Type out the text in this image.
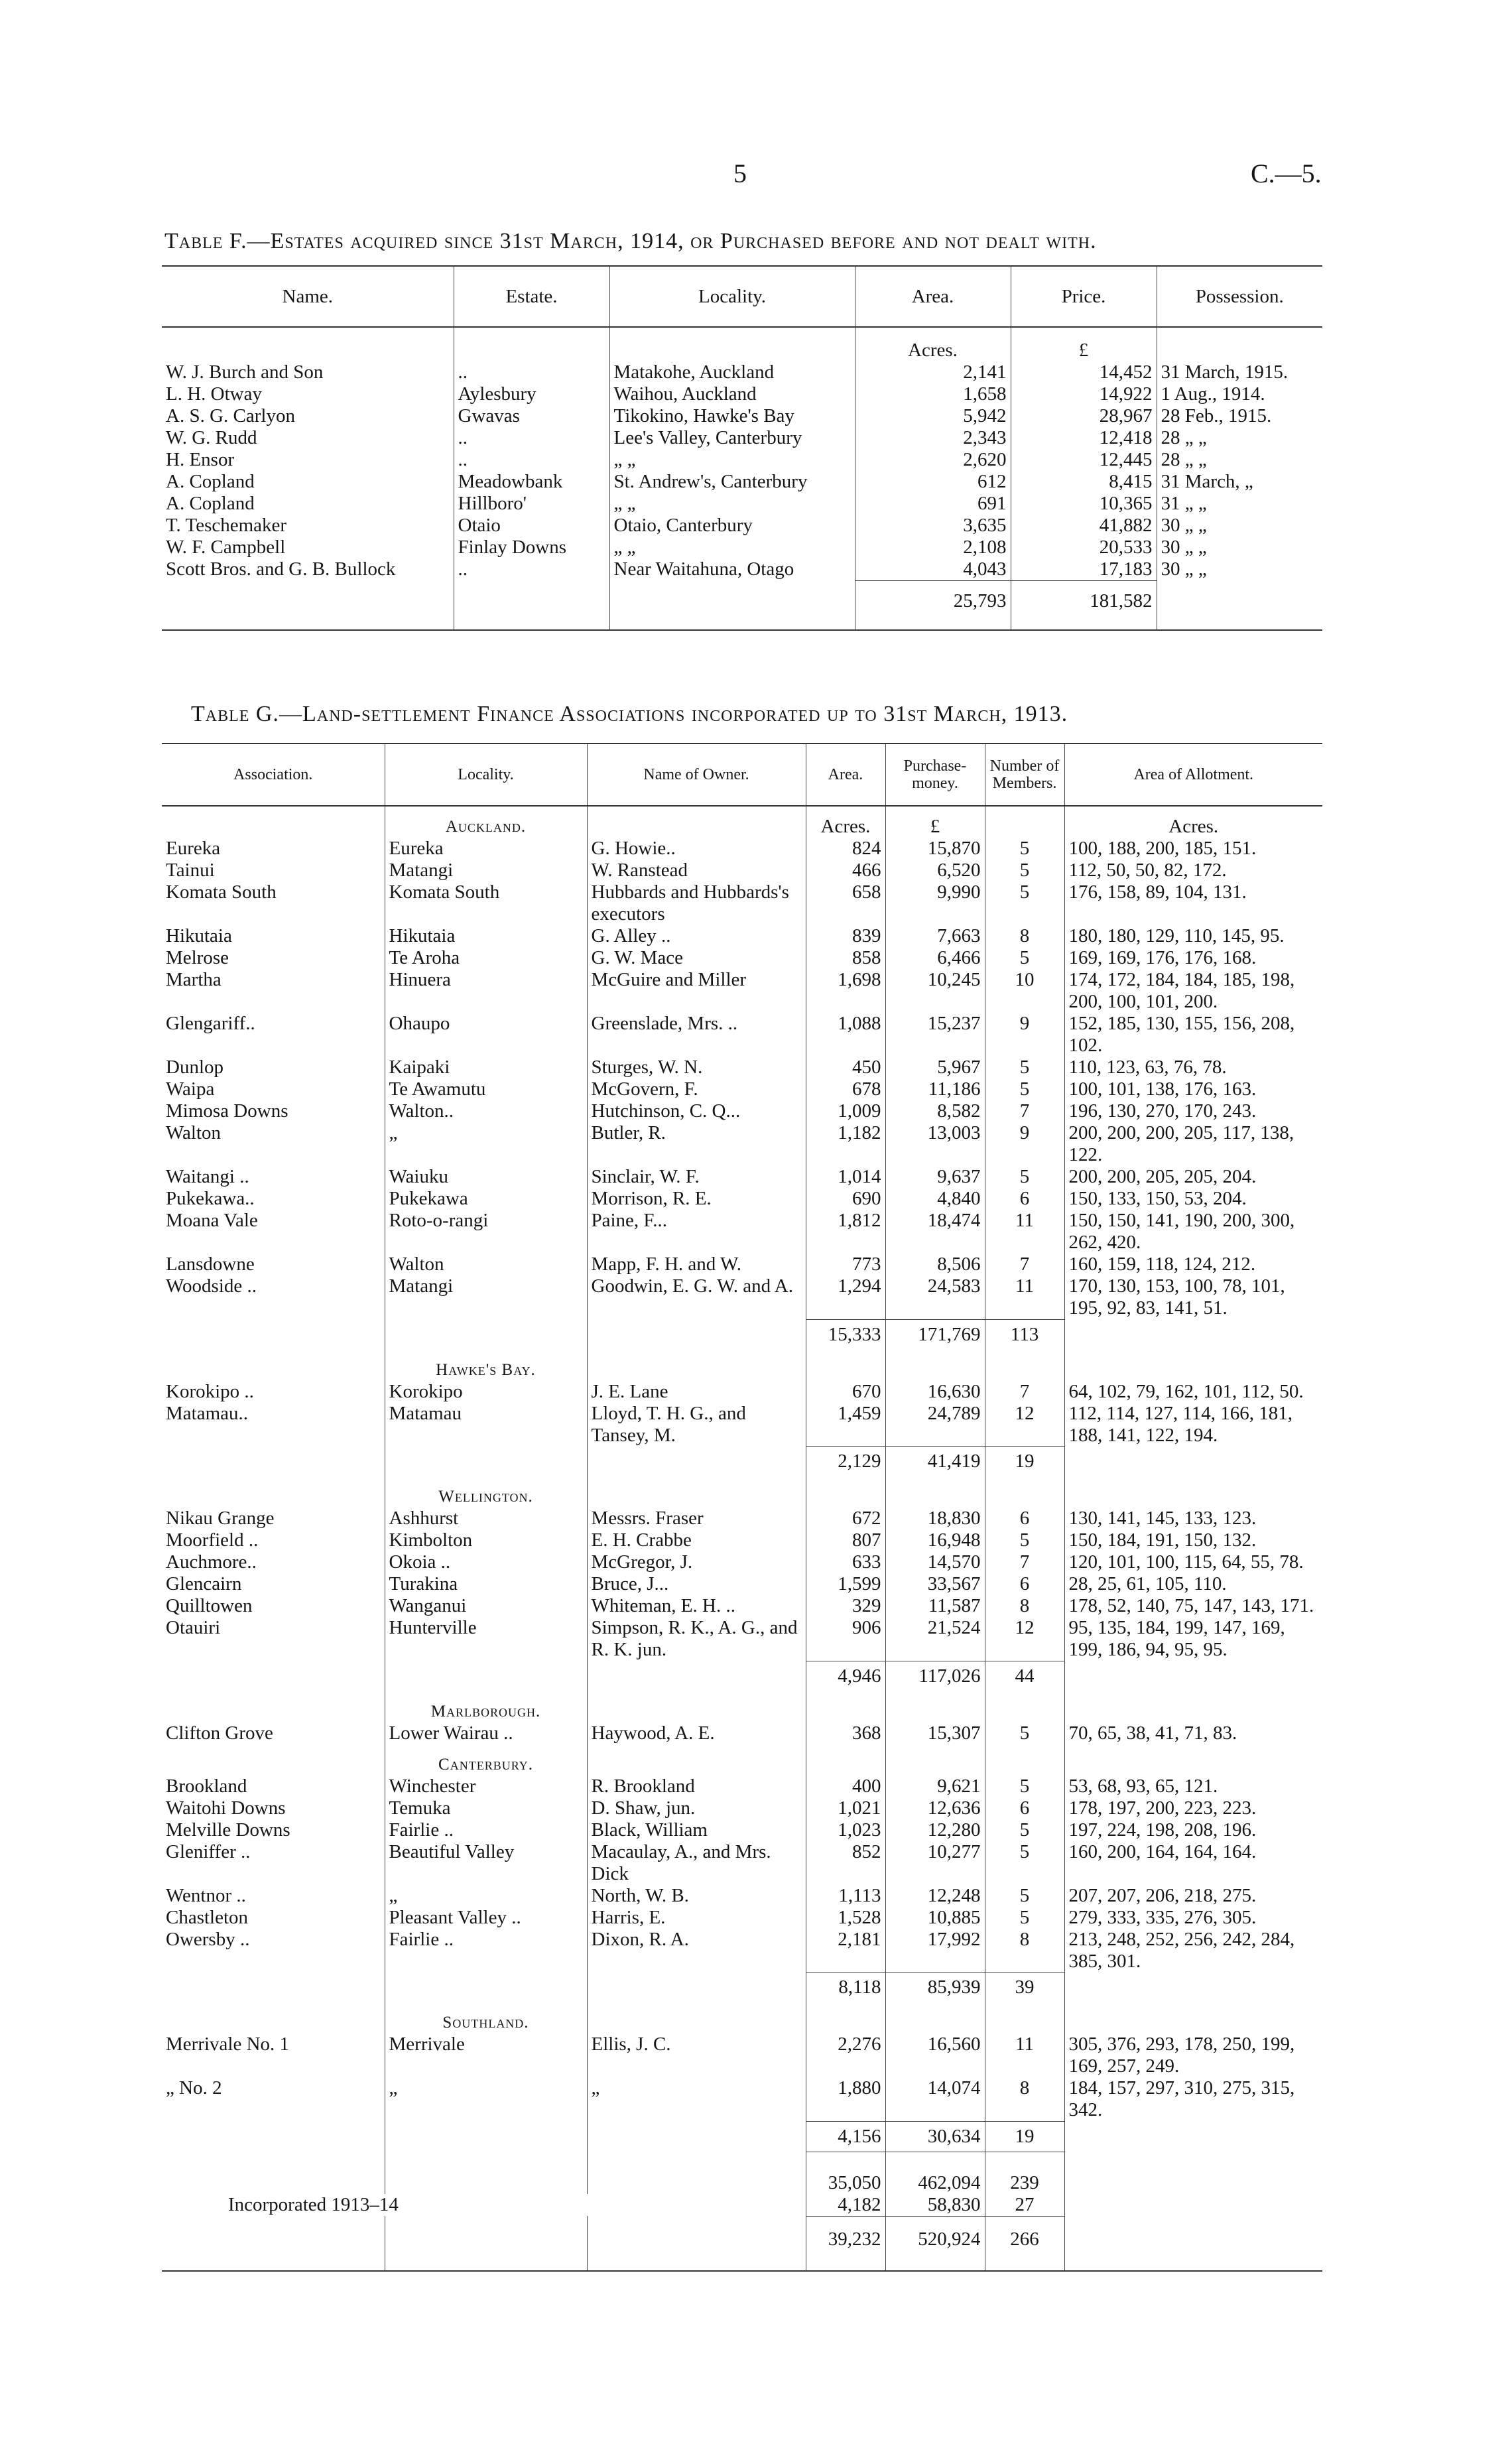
5	C.—5.
Table F.—Estates acquired since 31st March, 1914, or Purchased before and not dealt with.
Name.	Estate.	Locality.	Area.	Price.	Possession.
			Acres.	£	
W. J. Burch and Son	..	Matakohe, Auckland	2,141	14,452	31 March, 1915.
L. H. Otway	Aylesbury	Waihou, Auckland	1,658	14,922	1 Aug., 1914.
A. S. G. Carlyon	Gwavas	Tikokino, Hawke's Bay	5,942	28,967	28 Feb., 1915.
W. G. Rudd	..	Lee's Valley, Canterbury	2,343	12,418	28 „ „
H. Ensor	..	„ „	2,620	12,445	28 „ „
A. Copland	Meadowbank	St. Andrew's, Canterbury	612	8,415	31 March, „
A. Copland	Hillboro'	„ „	691	10,365	31 „ „
T. Teschemaker	Otaio	Otaio, Canterbury	3,635	41,882	30 „ „
W. F. Campbell	Finlay Downs	„ „	2,108	20,533	30 „ „
Scott Bros. and G. B. Bullock	..	Near Waitahuna, Otago	4,043	17,183	30 „ „
			25,793	181,582	

Table G.—Land-settlement Finance Associations incorporated up to 31st March, 1913.
Association.	Locality.	Name of Owner.	Area.	Purchase-money.	Number of Members.	Area of Allotment.
	Auckland.		Acres.	£		Acres.
Eureka	Eureka	G. Howie..	824	15,870	5	100, 188, 200, 185, 151.
Tainui	Matangi	W. Ranstead	466	6,520	5	112, 50, 50, 82, 172.
Komata South	Komata South	Hubbards and Hubbards's executors	658	9,990	5	176, 158, 89, 104, 131.
Hikutaia	Hikutaia	G. Alley ..	839	7,663	8	180, 180, 129, 110, 145, 95.
Melrose	Te Aroha	G. W. Mace	858	6,466	5	169, 169, 176, 176, 168.
Martha	Hinuera	McGuire and Miller	1,698	10,245	10	174, 172, 184, 184, 185, 198, 200, 100, 101, 200.
Glengariff..	Ohaupo	Greenslade, Mrs. ..	1,088	15,237	9	152, 185, 130, 155, 156, 208, 102.
Dunlop	Kaipaki	Sturges, W. N.	450	5,967	5	110, 123, 63, 76, 78.
Waipa	Te Awamutu	McGovern, F.	678	11,186	5	100, 101, 138, 176, 163.
Mimosa Downs	Walton..	Hutchinson, C. Q...	1,009	8,582	7	196, 130, 270, 170, 243.
Walton	„	Butler, R.	1,182	13,003	9	200, 200, 200, 205, 117, 138, 122.
Waitangi ..	Waiuku	Sinclair, W. F.	1,014	9,637	5	200, 200, 205, 205, 204.
Pukekawa..	Pukekawa	Morrison, R. E.	690	4,840	6	150, 133, 150, 53, 204.
Moana Vale	Roto-o-rangi	Paine, F...	1,812	18,474	11	150, 150, 141, 190, 200, 300, 262, 420.
Lansdowne	Walton	Mapp, F. H. and W.	773	8,506	7	160, 159, 118, 124, 212.
Woodside ..	Matangi	Goodwin, E. G. W. and A.	1,294	24,583	11	170, 130, 153, 100, 78, 101, 195, 92, 83, 141, 51.
			15,333	171,769	113	
	Hawke's Bay.					
Korokipo ..	Korokipo	J. E. Lane	670	16,630	7	64, 102, 79, 162, 101, 112, 50.
Matamau..	Matamau	Lloyd, T. H. G., and Tansey, M.	1,459	24,789	12	112, 114, 127, 114, 166, 181, 188, 141, 122, 194.
			2,129	41,419	19	
	Wellington.					
Nikau Grange	Ashhurst	Messrs. Fraser	672	18,830	6	130, 141, 145, 133, 123.
Moorfield ..	Kimbolton	E. H. Crabbe	807	16,948	5	150, 184, 191, 150, 132.
Auchmore..	Okoia ..	McGregor, J.	633	14,570	7	120, 101, 100, 115, 64, 55, 78.
Glencairn	Turakina	Bruce, J...	1,599	33,567	6	28, 25, 61, 105, 110.
Quilltowen	Wanganui	Whiteman, E. H. ..	329	11,587	8	178, 52, 140, 75, 147, 143, 171.
Otauiri	Hunterville	Simpson, R. K., A. G., and R. K. jun.	906	21,524	12	95, 135, 184, 199, 147, 169, 199, 186, 94, 95, 95.
			4,946	117,026	44	
	Marlborough.					
Clifton Grove	Lower Wairau ..	Haywood, A. E.	368	15,307	5	70, 65, 38, 41, 71, 83.
	Canterbury.					
Brookland	Winchester	R. Brookland	400	9,621	5	53, 68, 93, 65, 121.
Waitohi Downs	Temuka	D. Shaw, jun.	1,021	12,636	6	178, 197, 200, 223, 223.
Melville Downs	Fairlie ..	Black, William	1,023	12,280	5	197, 224, 198, 208, 196.
Gleniffer ..	Beautiful Valley	Macaulay, A., and Mrs. Dick	852	10,277	5	160, 200, 164, 164, 164.
Wentnor ..	„	North, W. B.	1,113	12,248	5	207, 207, 206, 218, 275.
Chastleton	Pleasant Valley ..	Harris, E.	1,528	10,885	5	279, 333, 335, 276, 305.
Owersby ..	Fairlie ..	Dixon, R. A.	2,181	17,992	8	213, 248, 252, 256, 242, 284, 385, 301.
			8,118	85,939	39	
	Southland.					
Merrivale No. 1	Merrivale	Ellis, J. C.	2,276	16,560	11	305, 376, 293, 178, 250, 199, 169, 257, 249.
„ No. 2	„	„	1,880	14,074	8	184, 157, 297, 310, 275, 315, 342.
			4,156	30,634	19	
			35,050	462,094	239	
Incorporated 1913–14			4,182	58,830	27	
			39,232	520,924	266	
